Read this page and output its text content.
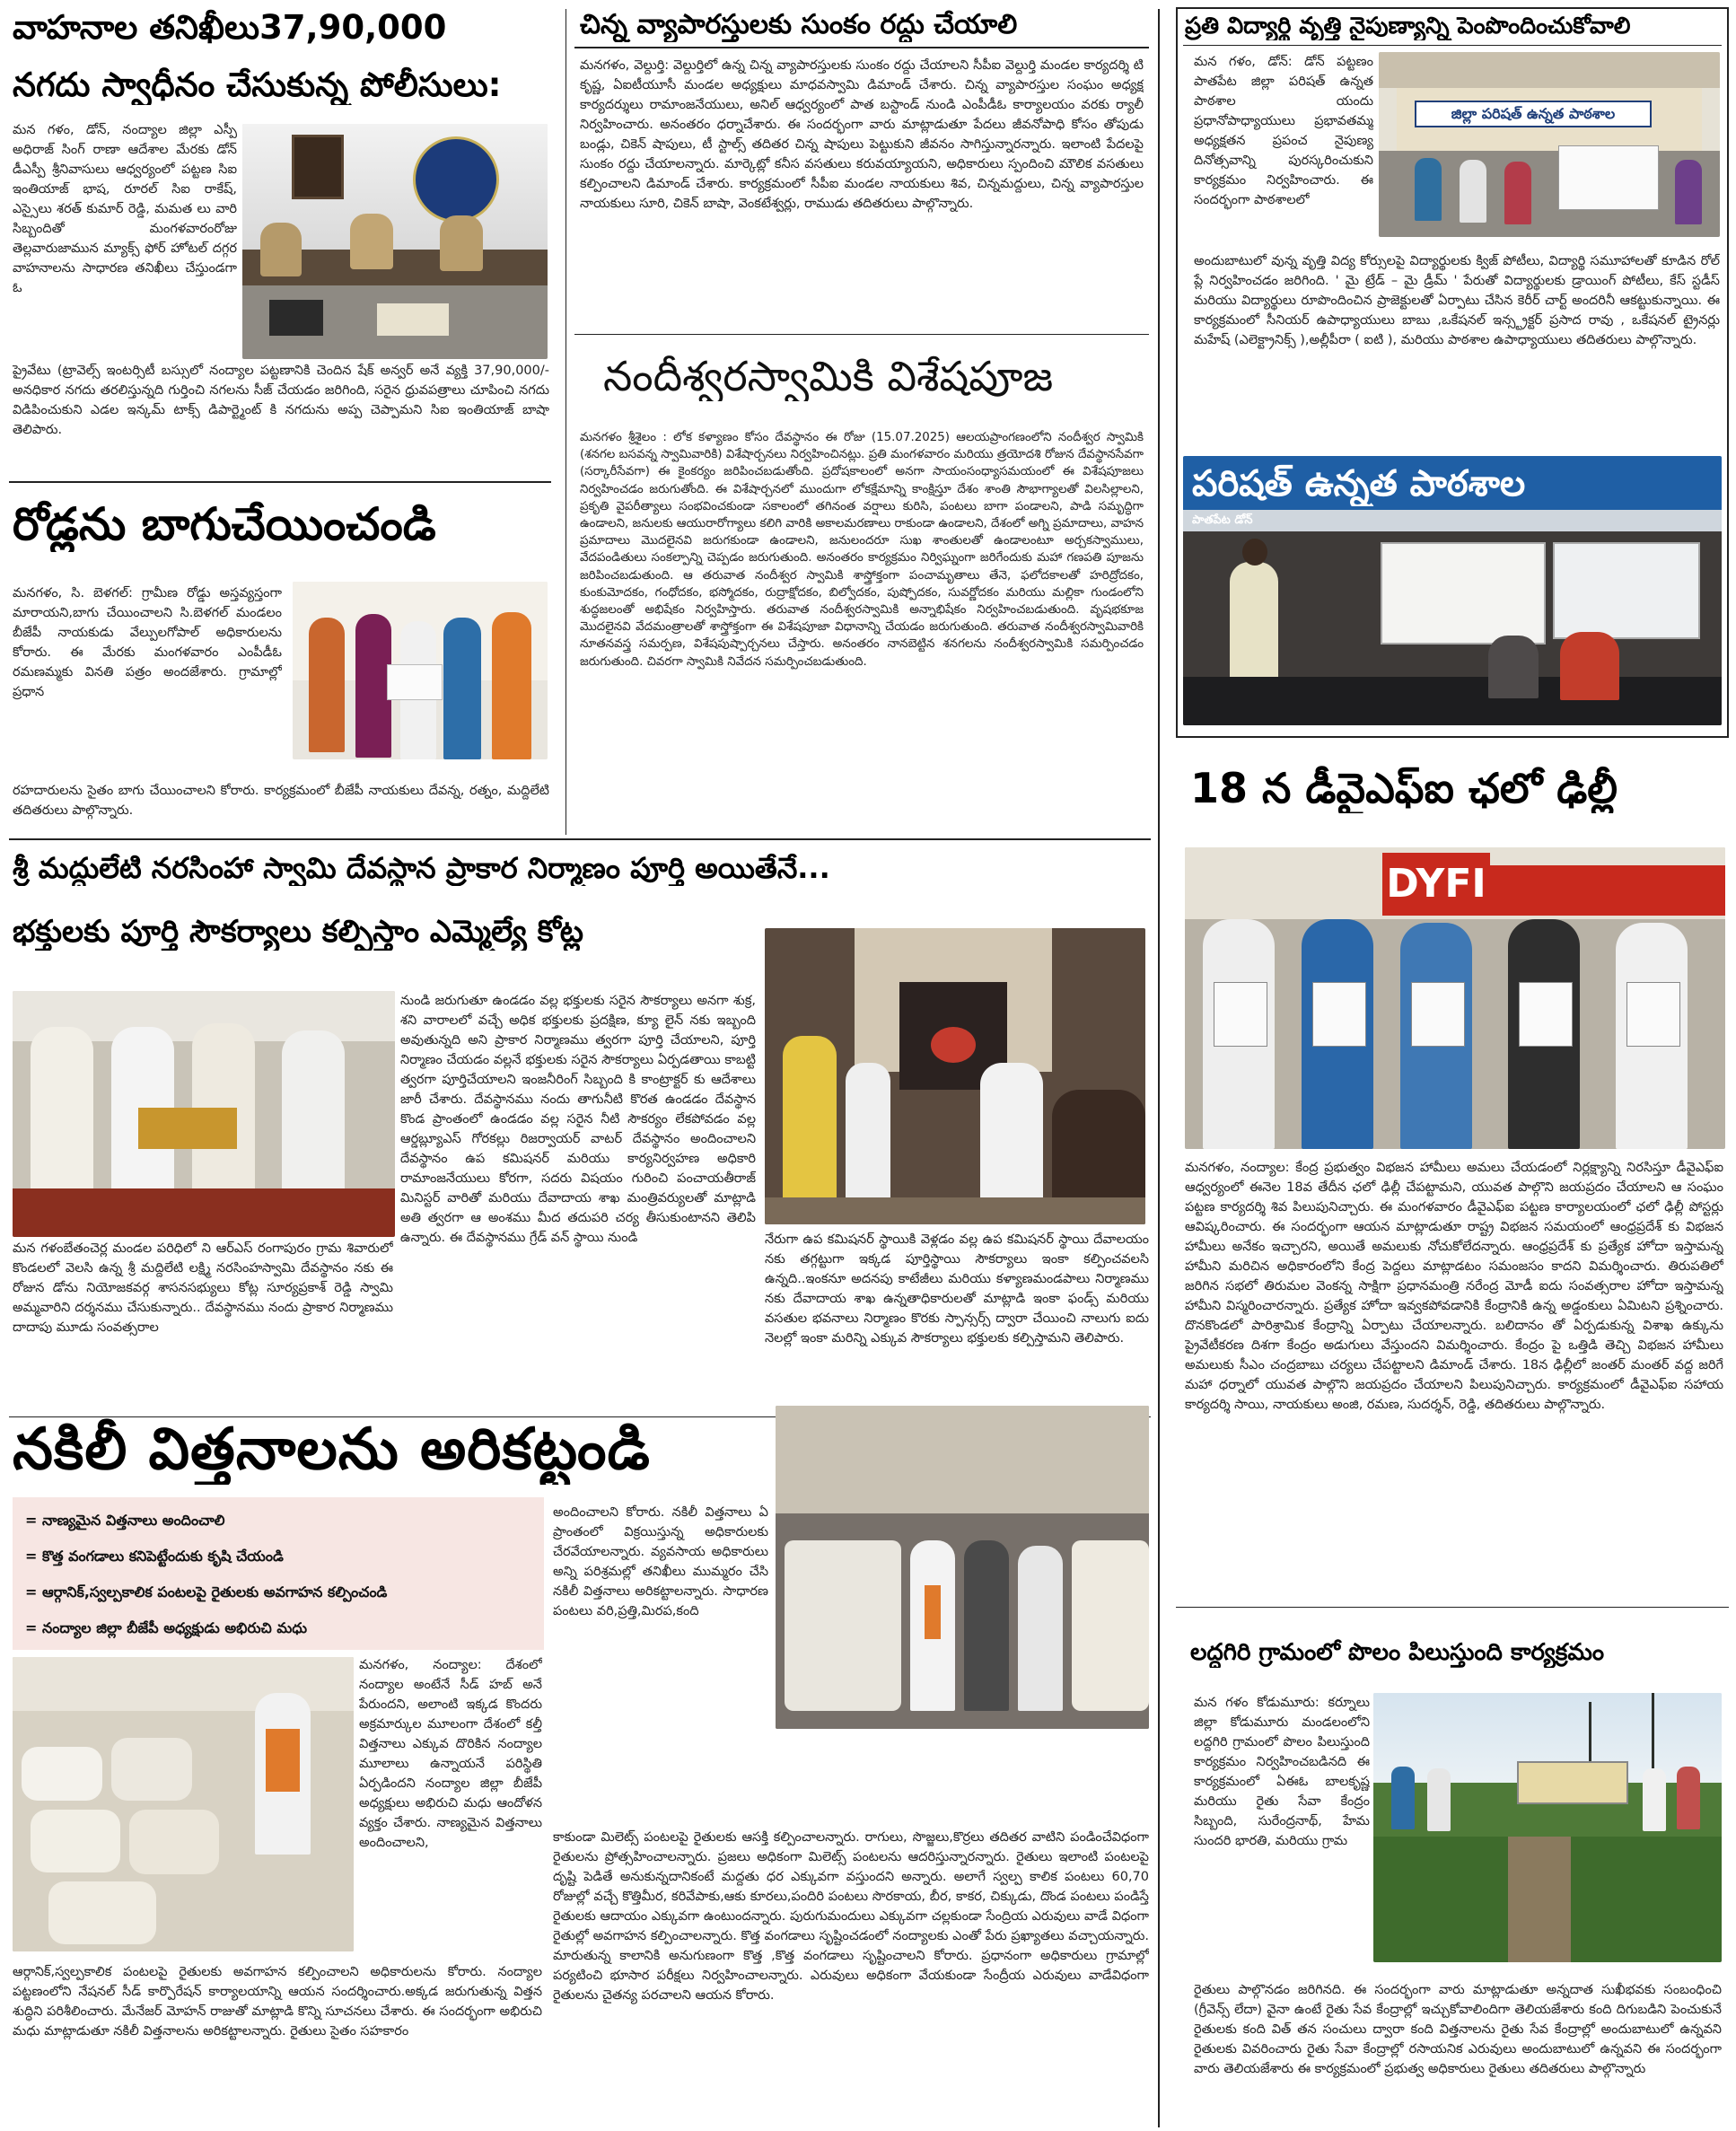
వాహనాల తనిఖీలు37,90,000
నగదు స్వాధీనం చేసుకున్న పోలీసులు:
మన గళం, డోన్, నంద్యాల జిల్లా ఎస్పీ అధిరాజ్ సింగ్ రాణా ఆదేశాల మేరకు డోన్ డీఎస్పీ శ్రీనివాసులు ఆధ్వర్యంలో పట్టణ సిఐ ఇంతియాజ్ భాష, రూరల్ సిఐ రాకేష్, ఎస్సైలు శరత్ కుమార్ రెడ్డి, మమత లు వారి సిబ్బందితో మంగళవారంరోజు తెల్లవారుజామున మ్యాక్స్ ఫోర్ హోటల్ దగ్గర వాహనాలను సాధారణ తనిఖీలు చేస్తుండగా ఓ
ప్రైవేటు (ట్రావెల్స్ ఇంటర్సిటీ బస్సులో నంద్యాల పట్టణానికి చెందిన షేక్ అన్వర్ అనే వ్యక్తి 37,90,000/- అనధికార నగదు తరలిస్తున్నది గుర్తించి నగలను సీజ్ చేయడం జరిగింది, సరైన ధ్రువపత్రాలు చూపించి నగదు విడిపించుకుని ఎడల ఇన్కమ్ టాక్స్ డిపార్ట్మెంట్ కి నగదును అప్ప చెప్పామని సిఐ ఇంతియాజ్ బాషా తెలిపారు.
రోడ్లను బాగుచేయించండి
మనగళం, సి. బెళగల్: గ్రామీణ రోడ్డు అస్తవ్యస్తంగా మారాయని,బాగు చేయించాలని సి.బెళగల్ మండలం బీజేపీ నాయకుడు వేల్పులగోపాల్ అధికారులను కోరారు. ఈ మేరకు మంగళవారం ఎంపీడీఓ రమణమ్మకు వినతి పత్రం అందజేశారు. గ్రామాల్లో ప్రధాన
రహదారులను సైతం బాగు చేయించాలని కోరారు. కార్యక్రమంలో బీజేపీ నాయకులు దేవన్న, రత్నం, మద్దిలేటి తదితరులు పాల్గొన్నారు.
చిన్న వ్యాపారస్తులకు సుంకం రద్దు చేయాలి
మనగళం, వెల్దుర్తి: వెల్దుర్తిలో ఉన్న చిన్న వ్యాపారస్తులకు సుంకం రద్దు చేయాలని సీపీఐ వెల్దుర్తి మండల కార్యదర్శి టి కృష్ణ, ఏఐటీయూసీ మండల అధ్యక్షులు మాధవస్వామి డిమాండ్ చేశారు. చిన్న వ్యాపారస్తుల సంఘం అధ్యక్ష కార్యదర్శులు రామాంజనేయులు, అనిల్ ఆధ్వర్యంలో పాత బస్టాండ్ నుండి ఎంపీడీఓ కార్యాలయం వరకు ర్యాలీ నిర్వహించారు. అనంతరం ధర్నాచేశారు. ఈ సందర్భంగా వారు మాట్లాడుతూ పేదలు జీవనోపాధి కోసం తోపుడు బండ్లు, చికెన్ షాపులు, టీ స్టాల్స్ తదితర చిన్న షాపులు పెట్టుకుని జీవనం సాగిస్తున్నారన్నారు. ఇలాంటి పేదలపై సుంకం రద్దు చేయాలన్నారు. మార్కెట్లో కనీస వసతులు కరువయ్యాయని, అధికారులు స్పందించి మౌలిక వసతులు కల్పించాలని డిమాండ్ చేశారు. కార్యక్రమంలో సీపీఐ మండల నాయకులు శివ, చిన్నమద్దులు, చిన్న వ్యాపారస్తుల నాయకులు సూరి, చికెన్ బాషా, వెంకటేశ్వర్లు, రాముడు తదితరులు పాల్గొన్నారు.
నందీశ్వరస్వామికి విశేషపూజ
మనగళం శ్రీశైలం : లోక కళ్యాణం కోసం దేవస్థానం ఈ రోజు (15.07.2025) ఆలయప్రాంగణంలోని నందీశ్వర స్వామికి (శనగల బసవన్న స్వామివారికి) విశేషార్చనలు నిర్వహించినట్లు. ప్రతి మంగళవారం మరియు త్రయోదశి రోజున దేవస్థానసేవగా (సర్కారీసేవగా) ఈ కైంకర్యం జరిపించబడుతోంది. ప్రదోషకాలంలో అనగా సాయంసంధ్యాసమయంలో ఈ విశేషపూజలు నిర్వహించడం జరుగుతోంది. ఈ విశేషార్చనలో ముందుగా లోకక్షేమాన్ని కాంక్షిస్తూ దేశం శాంతి సౌభాగ్యాలతో విలసిల్లాలని, ప్రకృతి వైపరీత్యాలు సంభవించకుండా సకాలంలో తగినంత వర్షాలు కురిసి, పంటలు బాగా పండాలని, పాడి సమృద్ధిగా ఉండాలని, జనులకు ఆయురారోగ్యాలు కలిగి వారికి అకాలమరణాలు రాకుండా ఉండాలని, దేశంలో అగ్ని ప్రమాదాలు, వాహన ప్రమాదాలు మొదలైనవి జరుగకుండా ఉండాలని, జనులందరూ సుఖ శాంతులతో ఉండాలంటూ అర్చకస్వాములు, వేదపండితులు సంకల్పాన్ని చెప్పడం జరుగుతుంది. అనంతరం కార్యక్రమం నిర్విఘ్నంగా జరిగేందుకు మహా గణపతి పూజను జరిపించబడుతుంది. ఆ తరువాత నందీశ్వర స్వామికి శాస్త్రోక్తంగా పంచామృతాలు తేనె, ఫలోదకాలతో హరిద్రోదకం, కుంకుమోదకం, గంధోదకం, భస్మోదకం, రుద్రాక్షోదకం, బిల్వోదకం, పుష్పోదకం, సువర్ణోదకం మరియు మల్లికా గుండంలోని శుద్ధజలంతో అభిషేకం నిర్వహిస్తారు. తరువాత నందీశ్వరస్వామికి అన్నాభిషేకం నిర్వహించబడుతుంది. వృషభకూజ మొదలైనవి వేదమంత్రాలతో శాస్త్రోక్తంగా ఈ విశేషపూజా విధానాన్ని చేయడం జరుగుతుంది. తరువాత నందీశ్వరస్వామివారికి నూతనవస్త్ర సమర్పణ, విశేషపుష్పార్చనలు చేస్తారు. అనంతరం నానబెట్టిన శనగలను నందీశ్వరస్వామికి సమర్పించడం జరుగుతుంది. చివరగా స్వామికి నివేదన సమర్పించబడుతుంది.
ప్రతి విద్యార్థి వృత్తి నైపుణ్యాన్ని పెంపొందించుకోవాలి
మన గళం, డోన్: డోన్ పట్టణం పాతపేట జిల్లా పరిషత్ ఉన్నత పాఠశాల యందు ప్రధానోపాధ్యాయులు ప్రభావతమ్మ అధ్యక్షతన ప్రపంచ నైపుణ్య దినోత్సవాన్ని పురస్కరించుకుని కార్యక్రమం నిర్వహించారు. ఈ సందర్భంగా పాఠశాలలో
జిల్లా పరిషత్ ఉన్నత పాఠశాల
అందుబాటులో వున్న వృత్తి విద్య కోర్సులపై విద్యార్థులకు క్విజ్ పోటీలు, విద్యార్థి సమూహాలతో కూడిన రోల్ ప్లే నిర్వహించడం జరిగింది. ' మై ట్రేడ్ – మై డ్రీమ్ ' పేరుతో విద్యార్థులకు డ్రాయింగ్ పోటీలు, కేస్ స్టడీస్ మరియు విద్యార్థులు రూపొందించిన ప్రాజెక్టులతో ఏర్పాటు చేసిన కెరీర్ చార్ట్ అందరినీ ఆకట్టుకున్నాయి. ఈ కార్యక్రమంలో సీనియర్ ఉపాధ్యాయులు బాబు ,ఒకేషనల్ ఇన్స్ట్రక్టర్ ప్రసాద రావు , ఒకేషనల్ ట్రైనర్లు మహేష్ (ఎలెక్ట్రానిక్స్ ),అల్లీపీరా ( ఐటి ), మరియు పాఠశాల ఉపాధ్యాయులు తదితరులు పాల్గొన్నారు.
పరిషత్ ఉన్నత పాఠశాల
పాతపేట డోన్
18 న డీవైఎఫ్ఐ ఛలో ఢిల్లీ
DYFI
మనగళం, నంద్యాల: కేంద్ర ప్రభుత్వం విభజన హామీలు అమలు చేయడంలో నిర్లక్ష్యాన్ని నిరసిస్తూ డీవైఎఫ్ఐ ఆధ్వర్యంలో ఈనెల 18వ తేదీన ఛలో ఢిల్లీ చేపట్టామని, యువత పాల్గొని జయప్రదం చేయాలని ఆ సంఘం పట్టణ కార్యదర్శి శివ పిలుపునిచ్చారు. ఈ మంగళవారం డీవైఎఫ్ఐ పట్టణ కార్యాలయంలో ఛలో ఢిల్లీ పోస్టర్లు ఆవిష్కరించారు. ఈ సందర్భంగా ఆయన మాట్లాడుతూ రాష్ట్ర విభజన సమయంలో ఆంధ్రప్రదేశ్ కు విభజన హామీలు అనేకం ఇచ్చారని, అయితే అమలుకు నోచుకోలేదన్నారు. ఆంధ్రప్రదేశ్ కు ప్రత్యేక హోదా ఇస్తామన్న హామీని మరిచిన అధికారంలోని కేంద్ర పెద్దలు మాట్లాడటం సమంజసం కాదని విమర్శించారు. తిరుపతిలో జరిగిన సభలో తిరుమల వెంకన్న సాక్షిగా ప్రధానమంత్రి నరేంద్ర మోడీ ఐదు సంవత్సరాల హోదా ఇస్తామన్న హామీని విస్మరించారన్నారు. ప్రత్యేక హోదా ఇవ్వకపోవడానికి కేంద్రానికి ఉన్న అడ్డంకులు ఏమిటని ప్రశ్నించారు. దొనకొండలో పారిశ్రామిక కేంద్రాన్ని ఏర్పాటు చేయాలన్నారు. బలిదానం తో ఏర్పడుకున్న విశాఖ ఉక్కును ప్రైవేటీకరణ దిశగా కేంద్రం అడుగులు వేస్తుందని విమర్శించారు. కేంద్రం పై ఒత్తిడి తెచ్చి విభజన హామీలు అమలుకు సీఎం చంద్రబాబు చర్యలు చేపట్టాలని డిమాండ్ చేశారు. 18న ఢిల్లీలో జంతర్ మంతర్ వద్ద జరిగే మహా ధర్నాలో యువత పాల్గొని జయప్రదం చేయాలని పిలుపునిచ్చారు. కార్యక్రమంలో డీవైఎఫ్ఐ సహాయ కార్యదర్శి సాయి, నాయకులు అంజి, రమణ, సుదర్శన్, రెడ్డి, తదితరులు పాల్గొన్నారు.
లద్దగిరి గ్రామంలో పొలం పిలుస్తుంది కార్యక్రమం
మన గళం కోడుమూరు: కర్నూలు జిల్లా కోడుమూరు మండలంలోని లద్దగిరి గ్రామంలో పొలం పిలుస్తుంది కార్యక్రమం నిర్వహించబడినది ఈ కార్యక్రమంలో ఏఈఓ బాలకృష్ణ మరియు రైతు సేవా కేంద్రం సిబ్బంది, సురేంద్రనాథ్, హేమ సుందరి భారతి, మరియు గ్రామ
రైతులు పాల్గొనడం జరిగినది. ఈ సందర్భంగా వారు మాట్లాడుతూ అన్నదాత సుఖీభవకు సంబంధించి (గ్రీవెన్స్ లేదా) వైనా ఉంటే రైతు సేవ కేంద్రాల్లో ఇచ్చుకోవాలిందిగా తెలియజేశారు కంది దిగుబడిని పెంచుకునే రైతులకు కంది విత్ తన సంచులు ద్వారా కంది విత్తనాలను రైతు సేవ కేంద్రాల్లో అందుబాటులో ఉన్నవని రైతులకు వివరించారు రైతు సేవా కేంద్రాల్లో రసాయనిక ఎరువులు అందుబాటులో ఉన్నవని ఈ సందర్భంగా వారు తెలియజేశారు ఈ కార్యక్రమంలో ప్రభుత్వ అధికారులు రైతులు తదితరులు పాల్గొన్నారు
శ్రీ మద్దులేటి నరసింహా స్వామి దేవస్థాన ప్రాకార నిర్మాణం పూర్తి అయితేనే...
భక్తులకు పూర్తి సౌకర్యాలు కల్పిస్తాం ఎమ్మెల్యే కోట్ల
మన గళంబేతంచెర్ల మండల పరిధిలో ని ఆర్ఎస్ రంగాపురం గ్రామ శివారులో కొండలలో వెలసి ఉన్న శ్రీ మద్దిలేటి లక్ష్మి నరసింహస్వామి దేవస్థానం నకు ఈ రోజున డోను నియోజకవర్గ శాసనసభ్యులు కోట్ల సూర్యప్రకాశ్ రెడ్డి స్వామి అమ్మవారిని దర్శనము చేసుకున్నారు.. దేవస్థానము నందు ప్రాకార నిర్మాణము దాదాపు మూడు సంవత్సరాల
నుండి జరుగుతూ ఉండడం వల్ల భక్తులకు సరైన సౌకర్యాలు అనగా శుక్ర, శని వారాలలో వచ్చే అధిక భక్తులకు ప్రదక్షిణ, క్యూ లైన్ నకు ఇబ్బంది అవుతున్నది అని ప్రాకార నిర్మాణము త్వరగా పూర్తి చేయాలని, పూర్తి నిర్మాణం చేయడం వల్లనే భక్తులకు సరైన సౌకర్యాలు ఏర్పడతాయి కాబట్టి త్వరగా పూర్తిచేయాలని ఇంజనీరింగ్ సిబ్బంది కి కాంట్రాక్టర్ కు ఆదేశాలు జారీ చేశారు. దేవస్థానము నందు తాగునీటి కొరత ఉండడం దేవస్థాన కొండ ప్రాంతంలో ఉండడం వల్ల సరైన నీటి సౌకర్యం లేకపోవడం వల్ల ఆర్డబ్ల్యూఎస్ గోరకల్లు రిజర్వాయర్ వాటర్ దేవస్థానం అందించాలని దేవస్థానం ఉప కమిషనర్ మరియు కార్యనిర్వహణ అధికారి రామాంజనేయులు కోరగా, సదరు విషయం గురించి పంచాయతీరాజ్ మినిస్టర్ వారితో మరియు దేవాదాయ శాఖ మంత్రివర్యులతో మాట్లాడి అతి త్వరగా ఆ అంశము మీద తదుపరి చర్య తీసుకుంటానని తెలిపి ఉన్నారు. ఈ దేవస్థానము గ్రేడ్ వన్ స్థాయి నుండి	నేరుగా ఉప కమిషనర్ స్థాయికి వెళ్లడం వల్ల ఉప కమిషనర్ స్థాయి దేవాలయం నకు తగ్గట్టుగా ఇక్కడ పూర్తిస్థాయి సౌకర్యాలు ఇంకా కల్పించవలసి ఉన్నది..ఇంకనూ అదనపు కాటేజీలు మరియు కళ్యాణమండపాలు నిర్మాణము నకు దేవాదాయ శాఖ ఉన్నతాధికారులతో మాట్లాడి ఇంకా ఫండ్స్ మరియు వసతుల భవనాలు నిర్మాణం కొరకు స్పాన్సర్స్ ద్వారా చేయించి నాలుగు ఐదు నెలల్లో ఇంకా మరిన్ని ఎక్కువ సౌకర్యాలు భక్తులకు కల్పిస్తామని తెలిపారు.
నకిలీ విత్తనాలను అరికట్టండి
= నాణ్యమైన విత్తనాలు అందించాలి
= కొత్త వంగడాలు కనిపెట్టేందుకు కృషి చేయండి
= ఆర్గానిక్,స్వల్పకాలిక పంటలపై రైతులకు అవగాహన కల్పించండి
= నంద్యాల జిల్లా బీజేపీ అధ్యక్షుడు అభిరుచి మధు
మనగళం, నంద్యాల: దేశంలో నంద్యాల అంటేనే సీడ్ హబ్ అనే పేరుందని, అలాంటి ఇక్కడ కొందరు అక్రమార్కుల మూలంగా దేశంలో కల్తీ విత్తనాలు ఎక్కువ దొరికిన నంద్యాల మూలాలు ఉన్నాయనే పరిస్థితి ఏర్పడిందని నంద్యాల జిల్లా బీజేపీ అధ్యక్షులు అభిరుచి మధు ఆందోళన వ్యక్తం చేశారు. నాణ్యమైన విత్తనాలు అందించాలని,
ఆర్గానిక్,స్వల్పకాలిక పంటలపై రైతులకు అవగాహన కల్పించాలని అధికారులను కోరారు. నంద్యాల పట్టణంలోని నేషనల్ సీడ్ కార్పొరేషన్ కార్యాలయాన్ని ఆయన సందర్శించారు.అక్కడ జరుగుతున్న విత్తన శుద్ధిని పరిశీలించారు. మేనేజర్ మోహన్ రాజుతో మాట్లాడి కొన్ని సూచనలు చేశారు. ఈ సందర్భంగా అభిరుచి మధు మాట్లాడుతూ నకిలీ విత్తనాలను అరికట్టాలన్నారు. రైతులు సైతం సహకారం
అందించాలని కోరారు. నకిలీ విత్తనాలు ఏ ప్రాంతంలో విక్రయిస్తున్న అధికారులకు చేరవేయాలన్నారు. వ్యవసాయ అధికారులు అన్ని పరిశ్రమల్లో తనిఖీలు ముమ్మరం చేసి నకిలీ విత్తనాలు అరికట్టాలన్నారు. సాధారణ పంటలు వరి,ప్రత్తి,మిరప,కంది
కాకుండా మిలెట్స్ పంటలపై రైతులకు ఆసక్తి కల్పించాలన్నారు. రాగులు, సొజ్జలు,కొర్రలు తదితర వాటిని పండించేవిధంగా రైతులను ప్రోత్సహించాలన్నారు. ప్రజలు అధికంగా మిలెట్స్ పంటలను ఆదరిస్తున్నారన్నారు. రైతులు ఇలాంటి పంటలపై దృష్టి పెడితే అనుకున్నదానికంటే మద్దతు ధర ఎక్కువగా వస్తుందని అన్నారు. అలాగే స్వల్ప కాలిక పంటలు 60,70 రోజుల్లో వచ్చే కొత్తిమీర, కరివేపాకు,ఆకు కూరలు,పందిరి పంటలు సొరకాయ, బీర, కాకర, చిక్కుడు, దొండ పంటలు పండిస్తే రైతులకు ఆదాయం ఎక్కువగా ఉంటుందన్నారు. పురుగుమందులు ఎక్కువగా చల్లకుండా సేంద్రియ ఎరువులు వాడే విధంగా రైతుల్లో అవగాహన కల్పించాలన్నారు. కొత్త వంగడాలు సృష్టించడంలో నంద్యాలకు ఎంతో పేరు ప్రఖ్యాతలు వచ్చాయన్నారు. మారుతున్న కాలానికి అనుగుణంగా కొత్త ,కొత్త వంగడాలు సృష్టించాలని కోరారు. ప్రధానంగా అధికారులు గ్రామాల్లో పర్యటించి భూసార పరీక్షలు నిర్వహించాలన్నారు. ఎరువులు అధికంగా వేయకుండా సేంద్రీయ ఎరువులు వాడేవిధంగా రైతులను చైతన్య పరచాలని ఆయన కోరారు.
